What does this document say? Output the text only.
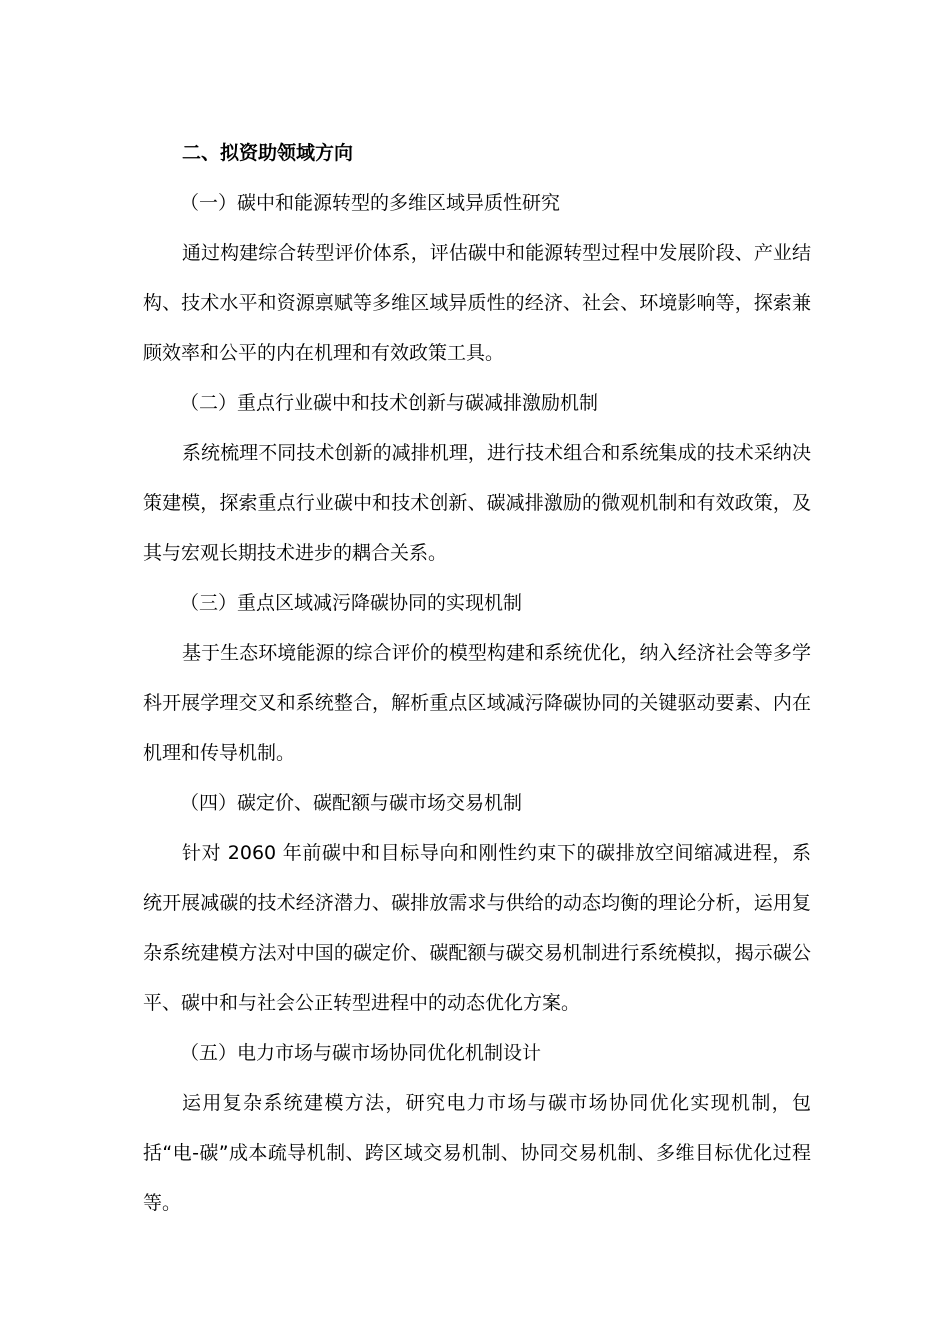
二、拟资助领域方向

（一）碳中和能源转型的多维区域异质性研究

通过构建综合转型评价体系，评估碳中和能源转型过程中发展阶段、产业结构、技术水平和资源禀赋等多维区域异质性的经济、社会、环境影响等，探索兼顾效率和公平的内在机理和有效政策工具。

（二）重点行业碳中和技术创新与碳减排激励机制

系统梳理不同技术创新的减排机理，进行技术组合和系统集成的技术采纳决策建模，探索重点行业碳中和技术创新、碳减排激励的微观机制和有效政策，及其与宏观长期技术进步的耦合关系。

（三）重点区域减污降碳协同的实现机制

基于生态环境能源的综合评价的模型构建和系统优化，纳入经济社会等多学科开展学理交叉和系统整合，解析重点区域减污降碳协同的关键驱动要素、内在机理和传导机制。

（四）碳定价、碳配额与碳市场交易机制

针对 2060 年前碳中和目标导向和刚性约束下的碳排放空间缩减进程，系统开展减碳的技术经济潜力、碳排放需求与供给的动态均衡的理论分析，运用复杂系统建模方法对中国的碳定价、碳配额与碳交易机制进行系统模拟，揭示碳公平、碳中和与社会公正转型进程中的动态优化方案。

（五）电力市场与碳市场协同优化机制设计

运用复杂系统建模方法，研究电力市场与碳市场协同优化实现机制，包括“电-碳”成本疏导机制、跨区域交易机制、协同交易机制、多维目标优化过程等。
